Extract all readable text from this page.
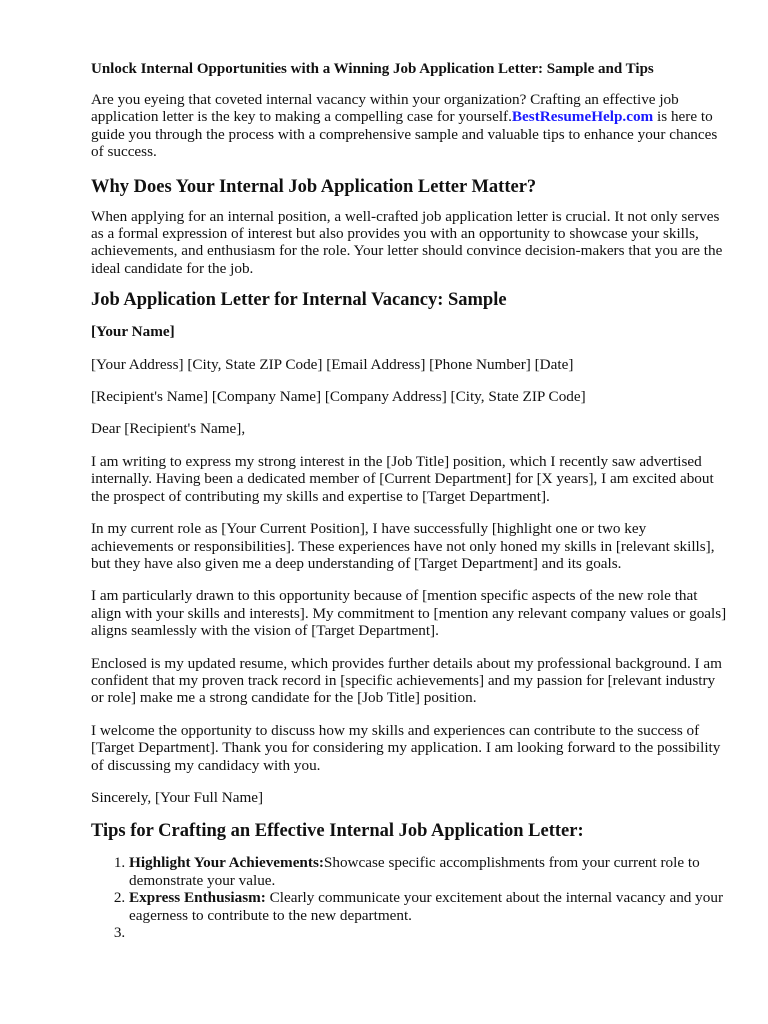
Unlock Internal Opportunities with a Winning Job Application Letter: Sample and Tips

Are you eyeing that coveted internal vacancy within your organization? Crafting an effective job application letter is the key to making a compelling case for yourself.BestResumeHelp.com is here to guide you through the process with a comprehensive sample and valuable tips to enhance your chances of success.

Why Does Your Internal Job Application Letter Matter?

When applying for an internal position, a well-crafted job application letter is crucial. It not only serves as a formal expression of interest but also provides you with an opportunity to showcase your skills, achievements, and enthusiasm for the role. Your letter should convince decision-makers that you are the ideal candidate for the job.

Job Application Letter for Internal Vacancy: Sample

[Your Name]

[Your Address] [City, State ZIP Code] [Email Address] [Phone Number] [Date]

[Recipient's Name] [Company Name] [Company Address] [City, State ZIP Code]

Dear [Recipient's Name],

I am writing to express my strong interest in the [Job Title] position, which I recently saw advertised internally. Having been a dedicated member of [Current Department] for [X years], I am excited about the prospect of contributing my skills and expertise to [Target Department].

In my current role as [Your Current Position], I have successfully [highlight one or two key achievements or responsibilities]. These experiences have not only honed my skills in [relevant skills], but they have also given me a deep understanding of [Target Department] and its goals.

I am particularly drawn to this opportunity because of [mention specific aspects of the new role that align with your skills and interests]. My commitment to [mention any relevant company values or goals] aligns seamlessly with the vision of [Target Department].

Enclosed is my updated resume, which provides further details about my professional background. I am confident that my proven track record in [specific achievements] and my passion for [relevant industry or role] make me a strong candidate for the [Job Title] position.

I welcome the opportunity to discuss how my skills and experiences can contribute to the success of [Target Department]. Thank you for considering my application. I am looking forward to the possibility of discussing my candidacy with you.

Sincerely, [Your Full Name]

Tips for Crafting an Effective Internal Job Application Letter:
1. Highlight Your Achievements:Showcase specific accomplishments from your current role to demonstrate your value.
2. Express Enthusiasm: Clearly communicate your excitement about the internal vacancy and your eagerness to contribute to the new department.
3.
